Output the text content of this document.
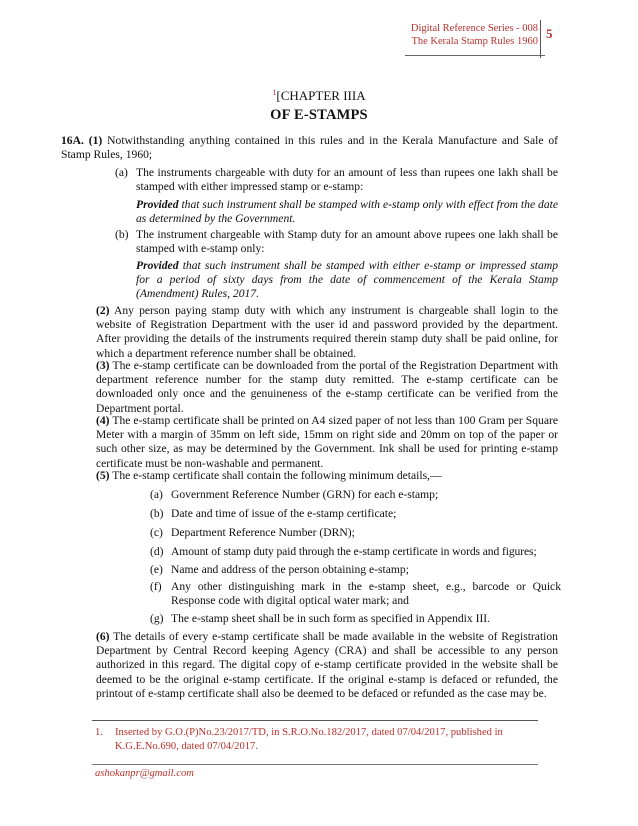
Digital Reference Series - 008
The Kerala Stamp Rules 1960
5
$^1$[CHAPTER IIIA
OF E-STAMPS
16A. (1) Notwithstanding anything contained in this rules and in the Kerala Manufacture and Sale of Stamp Rules, 1960;
(a) The instruments chargeable with duty for an amount of less than rupees one lakh shall be stamped with either impressed stamp or e-stamp:
Provided that such instrument shall be stamped with e-stamp only with effect from the date as determined by the Government.
(b) The instrument chargeable with Stamp duty for an amount above rupees one lakh shall be stamped with e-stamp only:
Provided that such instrument shall be stamped with either e-stamp or impressed stamp for a period of sixty days from the date of commencement of the Kerala Stamp (Amendment) Rules, 2017.
(2) Any person paying stamp duty with which any instrument is chargeable shall login to the website of Registration Department with the user id and password provided by the department. After providing the details of the instruments required therein stamp duty shall be paid online, for which a department reference number shall be obtained.
(3) The e-stamp certificate can be downloaded from the portal of the Registration Department with department reference number for the stamp duty remitted. The e-stamp certificate can be downloaded only once and the genuineness of the e-stamp certificate can be verified from the Department portal.
(4) The e-stamp certificate shall be printed on A4 sized paper of not less than 100 Gram per Square Meter with a margin of 35mm on left side, 15mm on right side and 20mm on top of the paper or such other size, as may be determined by the Government. Ink shall be used for printing e-stamp certificate must be non-washable and permanent.
(5) The e-stamp certificate shall contain the following minimum details,—
(a) Government Reference Number (GRN) for each e-stamp;
(b) Date and time of issue of the e-stamp certificate;
(c) Department Reference Number (DRN);
(d) Amount of stamp duty paid through the e-stamp certificate in words and figures;
(e) Name and address of the person obtaining e-stamp;
(f) Any other distinguishing mark in the e-stamp sheet, e.g., barcode or Quick Response code with digital optical water mark; and
(g) The e-stamp sheet shall be in such form as specified in Appendix III.
(6) The details of every e-stamp certificate shall be made available in the website of Registration Department by Central Record keeping Agency (CRA) and shall be accessible to any person authorized in this regard. The digital copy of e-stamp certificate provided in the website shall be deemed to be the original e-stamp certificate. If the original e-stamp is defaced or refunded, the printout of e-stamp certificate shall also be deemed to be defaced or refunded as the case may be.
1. Inserted by G.O.(P)No.23/2017/TD, in S.R.O.No.182/2017, dated 07/04/2017, published in K.G.E.No.690, dated 07/04/2017.
ashokanpr@gmail.com
